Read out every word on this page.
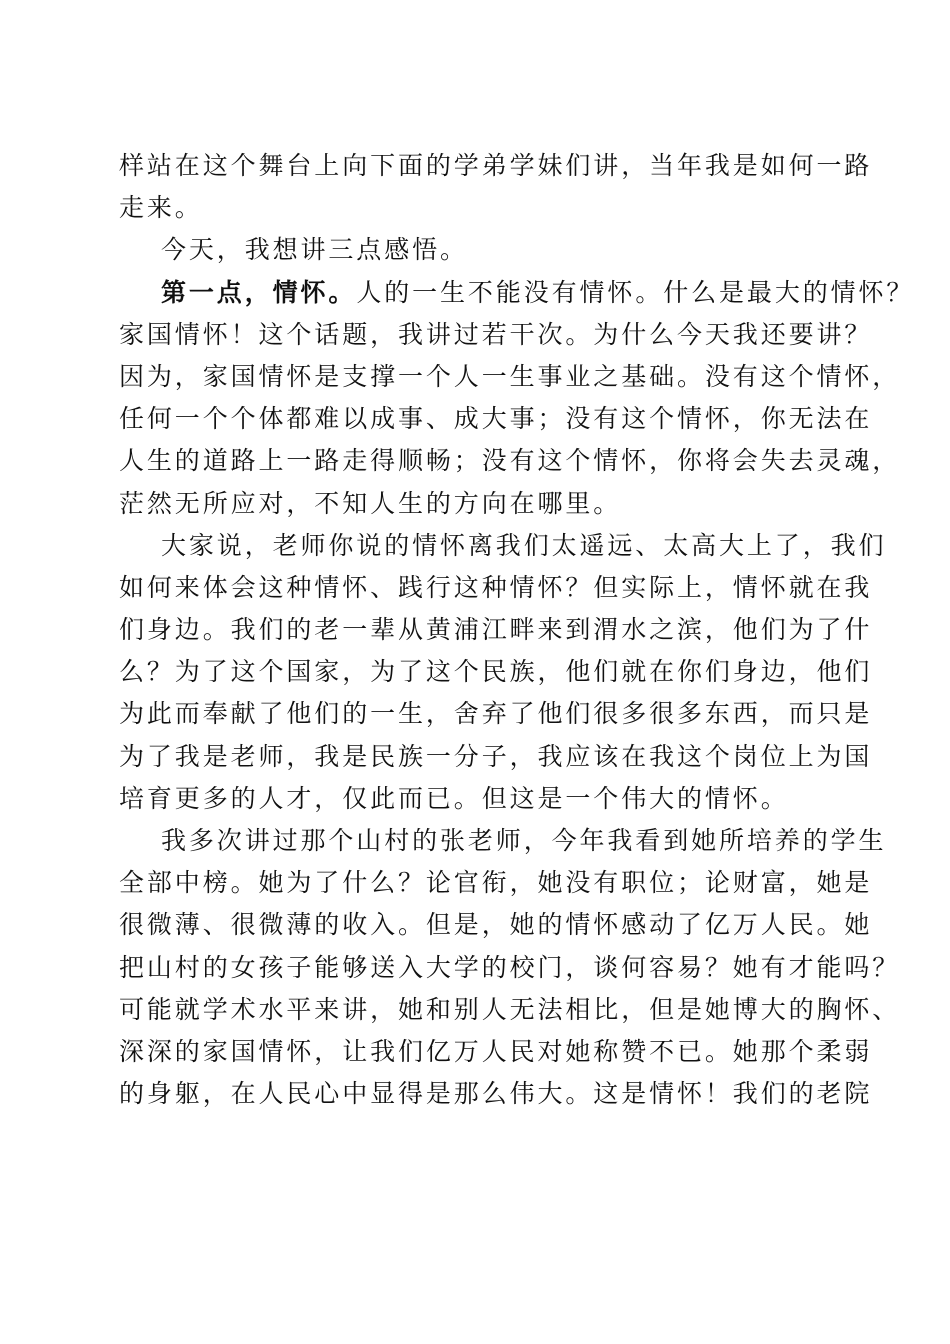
样站在这个舞台上向下面的学弟学妹们讲，当年我是如何一路
走来。
今天，我想讲三点感悟。
第一点，情怀。人的一生不能没有情怀。什么是最大的情怀？
家国情怀！这个话题，我讲过若干次。为什么今天我还要讲？
因为，家国情怀是支撑一个人一生事业之基础。没有这个情怀，
任何一个个体都难以成事、成大事；没有这个情怀，你无法在
人生的道路上一路走得顺畅；没有这个情怀，你将会失去灵魂，
茫然无所应对，不知人生的方向在哪里。
大家说，老师你说的情怀离我们太遥远、太高大上了，我们
如何来体会这种情怀、践行这种情怀？但实际上，情怀就在我
们身边。我们的老一辈从黄浦江畔来到渭水之滨，他们为了什
么？为了这个国家，为了这个民族，他们就在你们身边，他们
为此而奉献了他们的一生，舍弃了他们很多很多东西，而只是
为了我是老师，我是民族一分子，我应该在我这个岗位上为国
培育更多的人才，仅此而已。但这是一个伟大的情怀。
我多次讲过那个山村的张老师，今年我看到她所培养的学生
全部中榜。她为了什么？论官衔，她没有职位；论财富，她是
很微薄、很微薄的收入。但是，她的情怀感动了亿万人民。她
把山村的女孩子能够送入大学的校门，谈何容易？她有才能吗？
可能就学术水平来讲，她和别人无法相比，但是她博大的胸怀、
深深的家国情怀，让我们亿万人民对她称赞不已。她那个柔弱
的身躯，在人民心中显得是那么伟大。这是情怀！我们的老院
